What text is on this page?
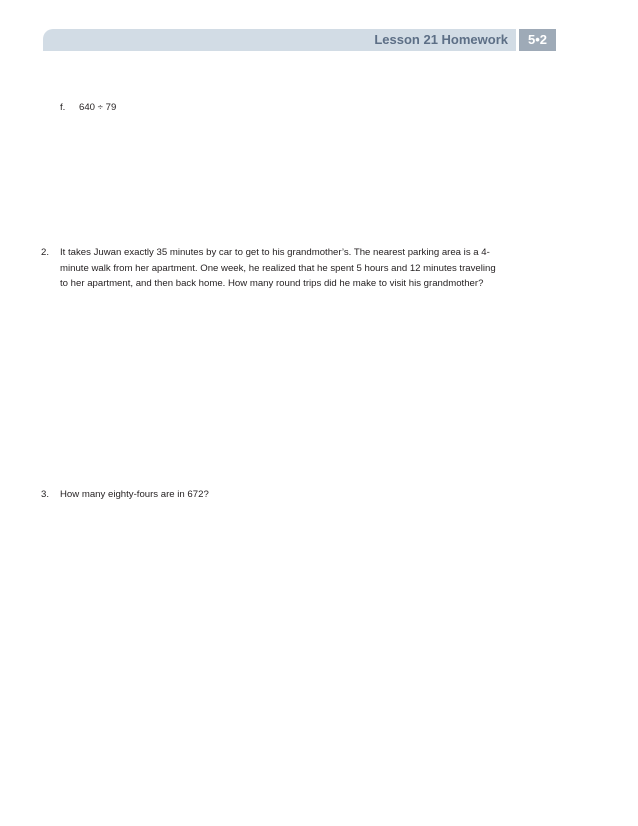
Lesson 21 Homework	5•2
f. 640 ÷ 79
2. It takes Juwan exactly 35 minutes by car to get to his grandmother’s. The nearest parking area is a 4-
minute walk from her apartment. One week, he realized that he spent 5 hours and 12 minutes traveling
to her apartment, and then back home. How many round trips did he make to visit his grandmother?
3. How many eighty-fours are in 672?
